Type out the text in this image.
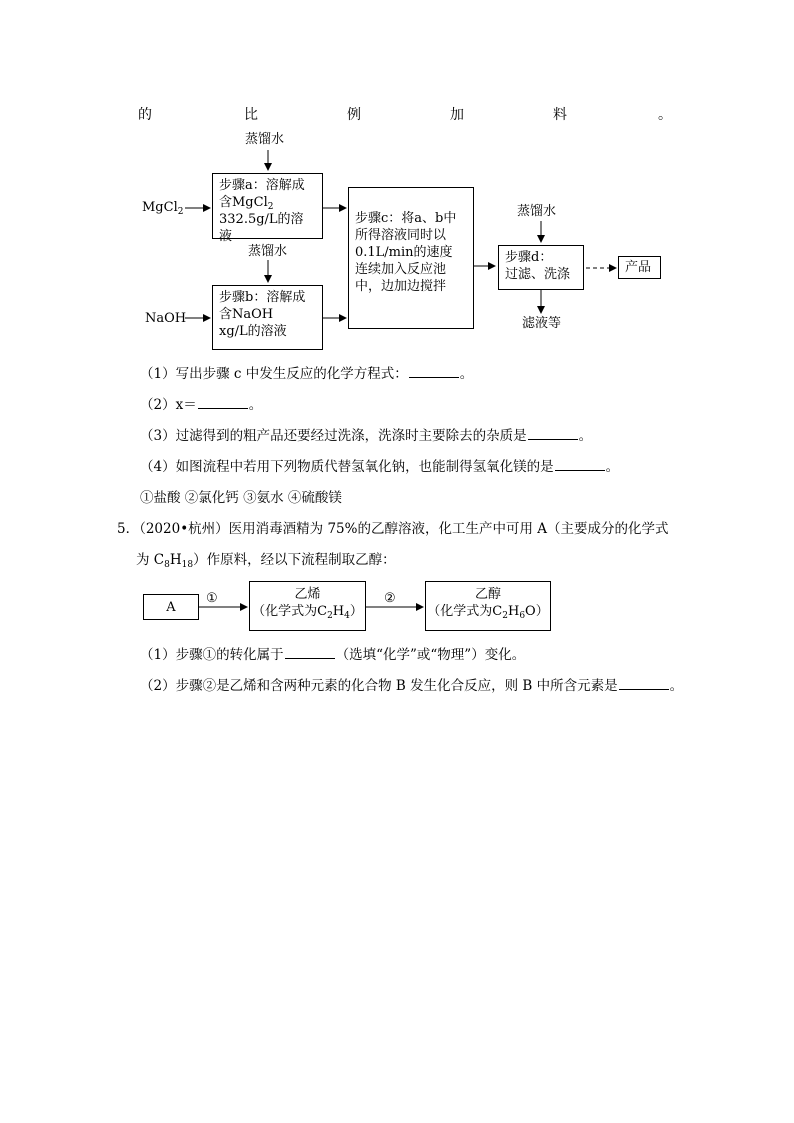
的	比	例	加	料	。
蒸馏水
MgCl$_2$
步骤a：溶解成
含MgCl$_2$
332.5g/L的溶液
蒸馏水
NaOH
步骤b：溶解成
含NaOH
xg/L的溶液
步骤c：将a、b中
所得溶液同时以
0.1L/min的速度
连续加入反应池
中，边加边搅拌
蒸馏水
步骤d：
过滤、洗涤	产品
滤液等
（1）写出步骤 c 中发生反应的化学方程式：	。
（2）x＝	。
（3）过滤得到的粗产品还要经过洗涤，洗涤时主要除去的杂质是	。
（4）如图流程中若用下列物质代替氢氧化钠，也能制得氢氧化镁的是	。
①盐酸 ②氯化钙 ③氨水 ④硫酸镁
5．（2020•杭州）医用消毒酒精为 75%的乙醇溶液，化工生产中可用 A（主要成分的化学式
为 $C_8H_{18}$）作原料，经以下流程制取乙醇：
A
①	乙烯
（化学式为$C_2H_4$）
②	乙醇
（化学式为$C_2H_6O$）
（1）步骤①的转化属于	（选填“化学”或“物理”）变化。
（2）步骤②是乙烯和含两种元素的化合物 B 发生化合反应，则 B 中所含元素是	。
